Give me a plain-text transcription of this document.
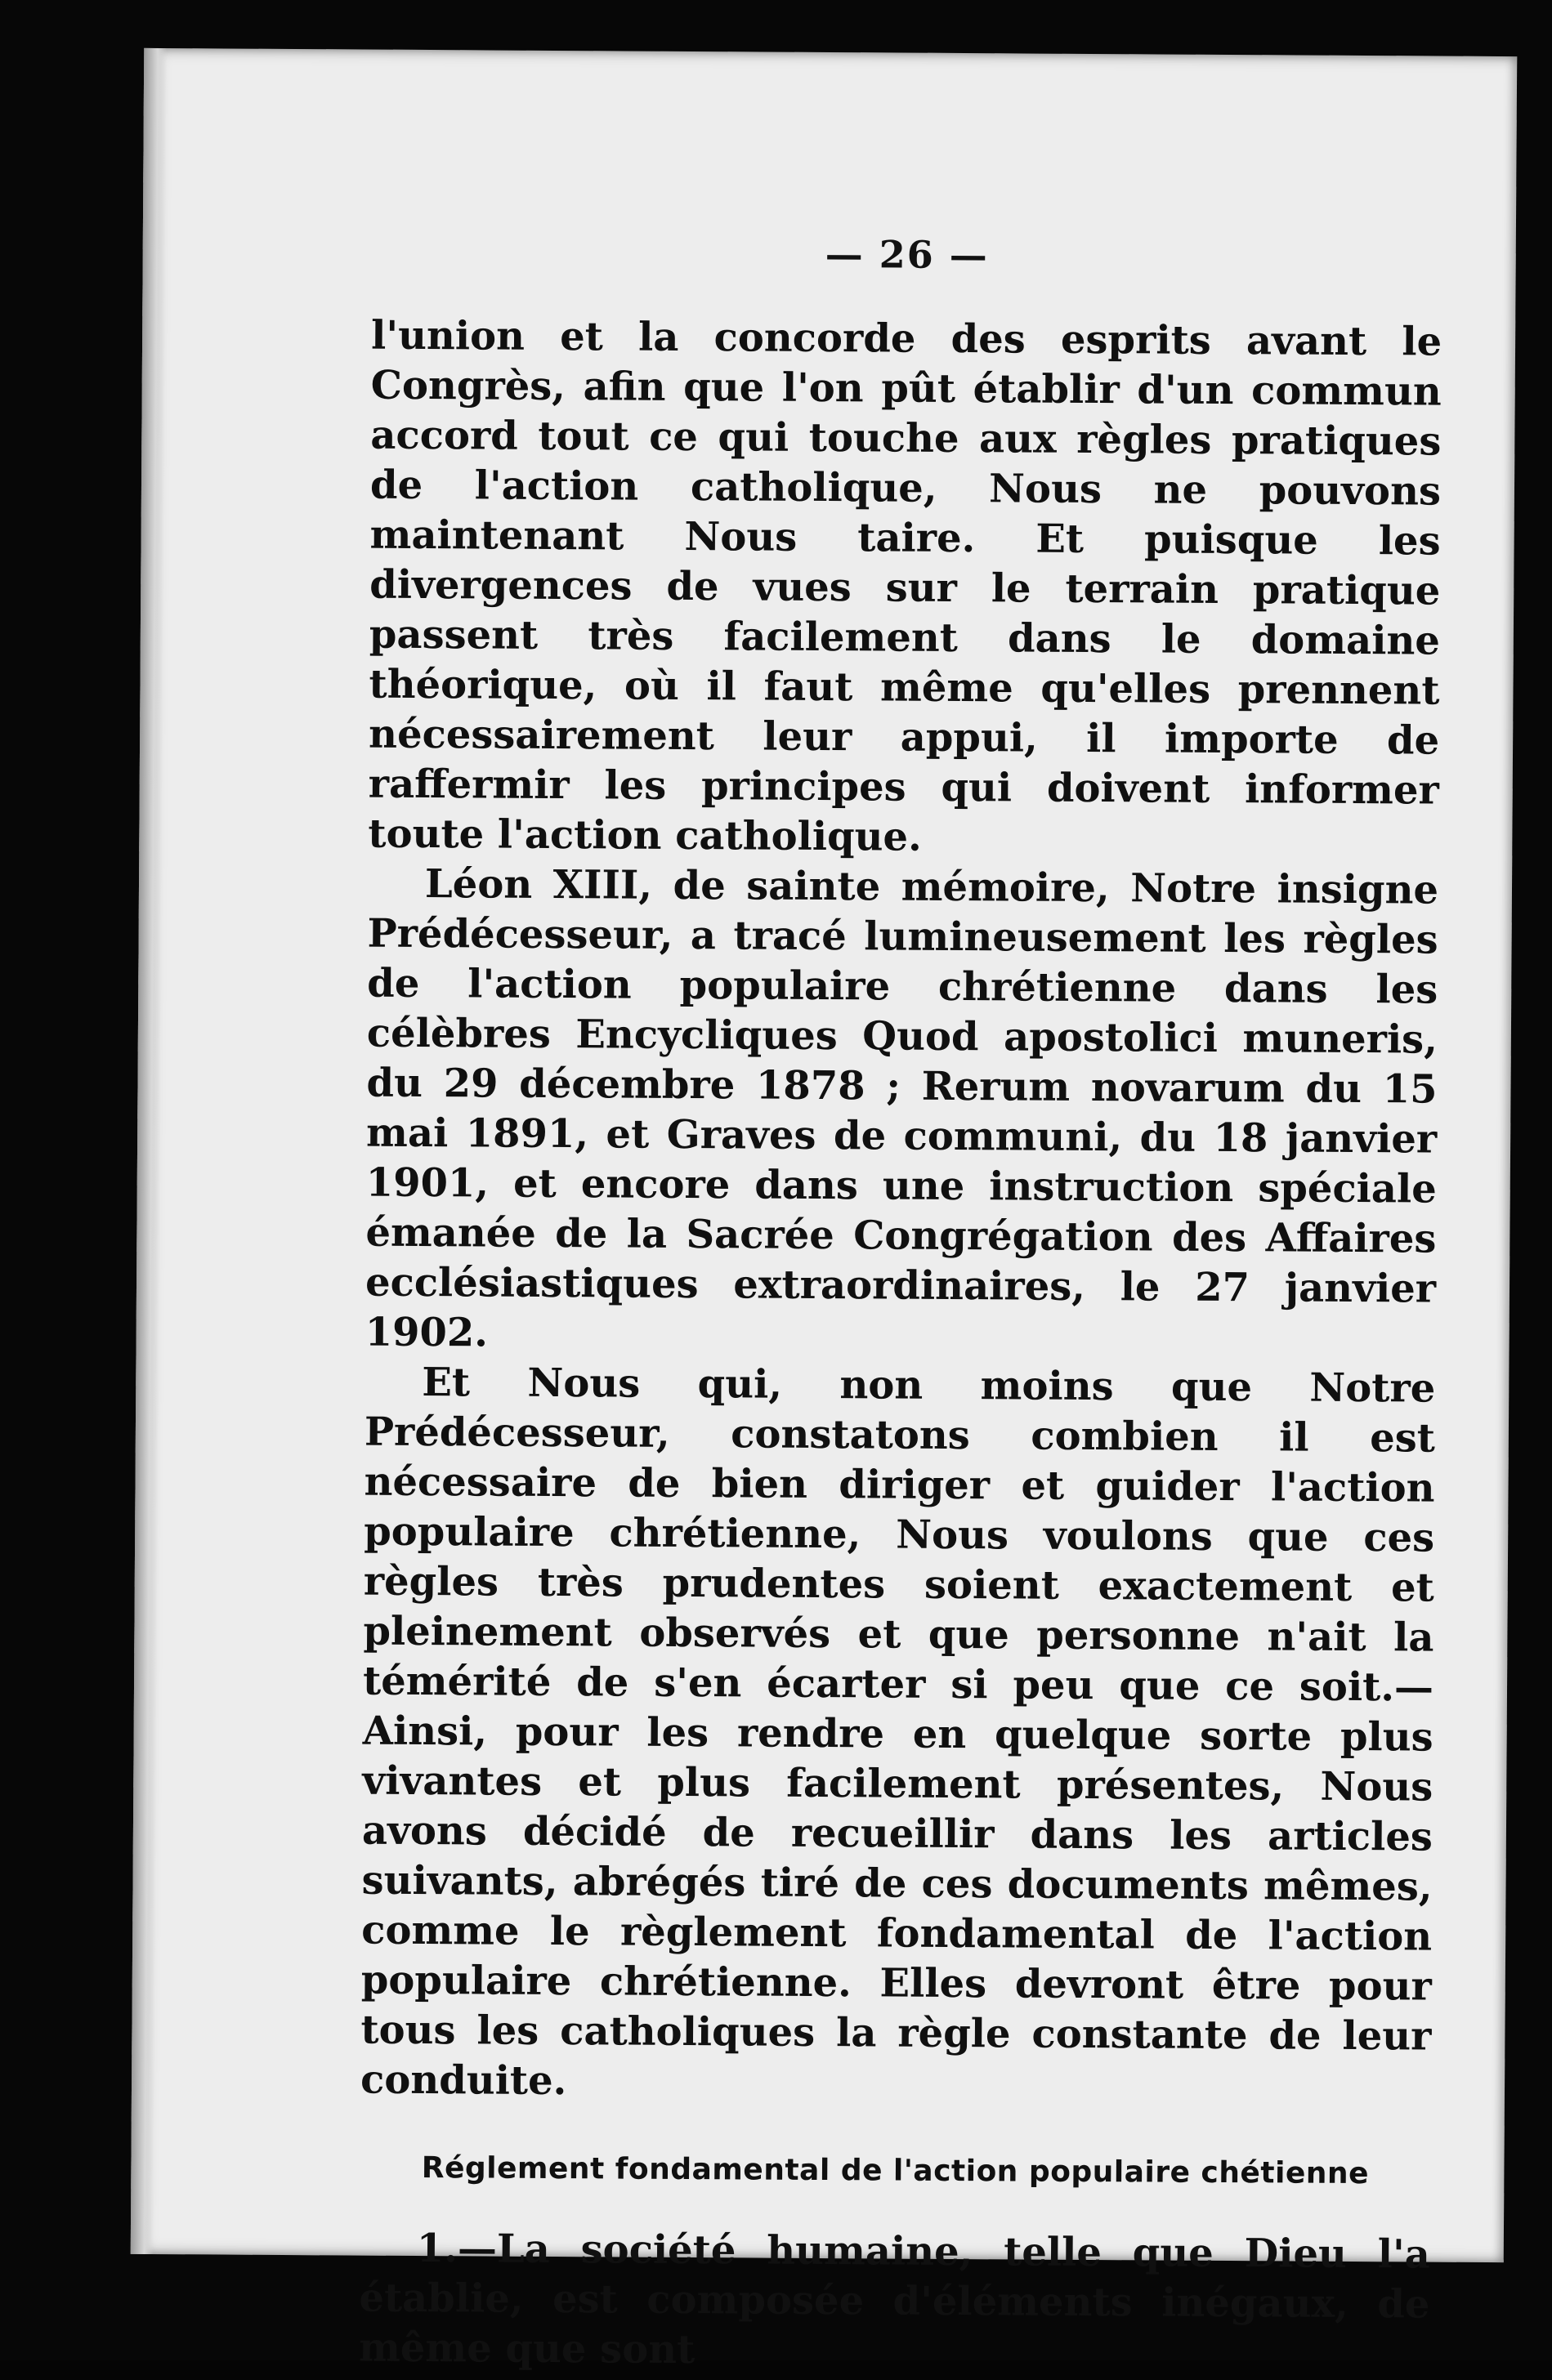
— 26 —

l'union et la concorde des esprits avant le Congrès, afin que l'on pût établir d'un commun accord tout ce qui touche aux règles pratiques de l'action catholique, Nous ne pouvons maintenant Nous taire. Et puisque les divergences de vues sur le terrain pratique passent très facilement dans le domaine théorique, où il faut même qu'elles prennent nécessairement leur appui, il importe de raffermir les principes qui doivent informer toute l'action catholique.

Léon XIII, de sainte mémoire, Notre insigne Prédécesseur, a tracé lumineusement les règles de l'action populaire chrétienne dans les célèbres Encycliques Quod apostolici muneris, du 29 décembre 1878 ; Rerum novarum du 15 mai 1891, et Graves de communi, du 18 janvier 1901, et encore dans une instruction spéciale émanée de la Sacrée Congrégation des Affaires ecclésiastiques extraordinaires, le 27 janvier 1902.

Et Nous qui, non moins que Notre Prédécesseur, constatons combien il est nécessaire de bien diriger et guider l'action populaire chrétienne, Nous voulons que ces règles très prudentes soient exactement et pleinement observés et que personne n'ait la témérité de s'en écarter si peu que ce soit.—Ainsi, pour les rendre en quelque sorte plus vivantes et plus facilement présentes, Nous avons décidé de recueillir dans les articles suivants, abrégés tiré de ces documents mêmes, comme le règlement fondamental de l'action populaire chrétienne. Elles devront être pour tous les catholiques la règle constante de leur conduite.

Réglement fondamental de l'action populaire chétienne

1.—La société humaine, telle que Dieu l'a établie, est composée d'éléments inégaux, de même que sont
